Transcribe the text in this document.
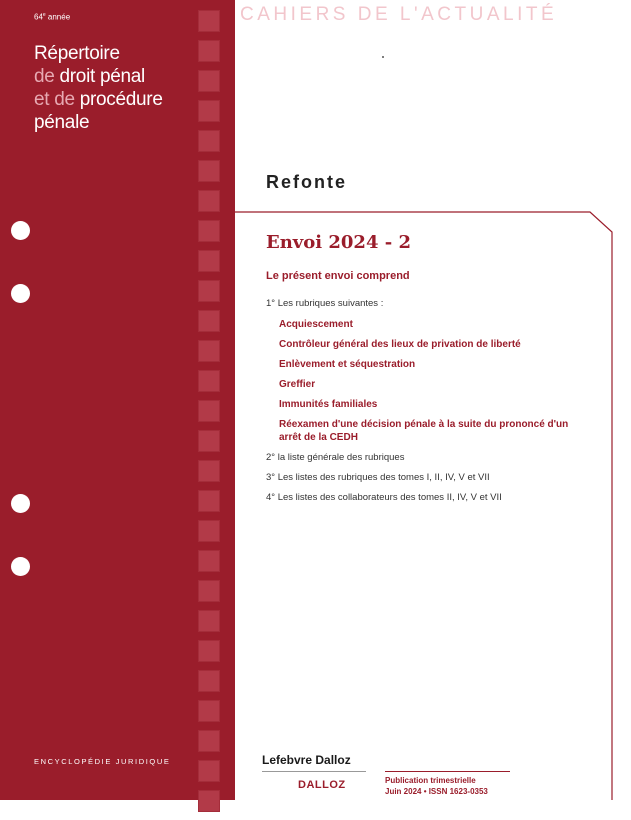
64e année
Répertoire
de droit pénal
et de procédure
pénale
ENCYCLOPÉDIE JURIDIQUE
CAHIERS DE L'ACTUALITÉ
Refonte
Envoi 2024 - 2
Le présent envoi comprend
1° Les rubriques suivantes :
Acquiescement
Contrôleur général des lieux de privation de liberté
Enlèvement et séquestration
Greffier
Immunités familiales
Réexamen d'une décision pénale à la suite du prononcé d'un arrêt de la CEDH
2° la liste générale des rubriques
3° Les listes des rubriques des tomes I, II, IV, V et VII
4° Les listes des collaborateurs des tomes II, IV, V et VII
Lefebvre Dalloz
DALLOZ	Publication trimestrielle
Juin 2024 • ISSN 1623-0353
